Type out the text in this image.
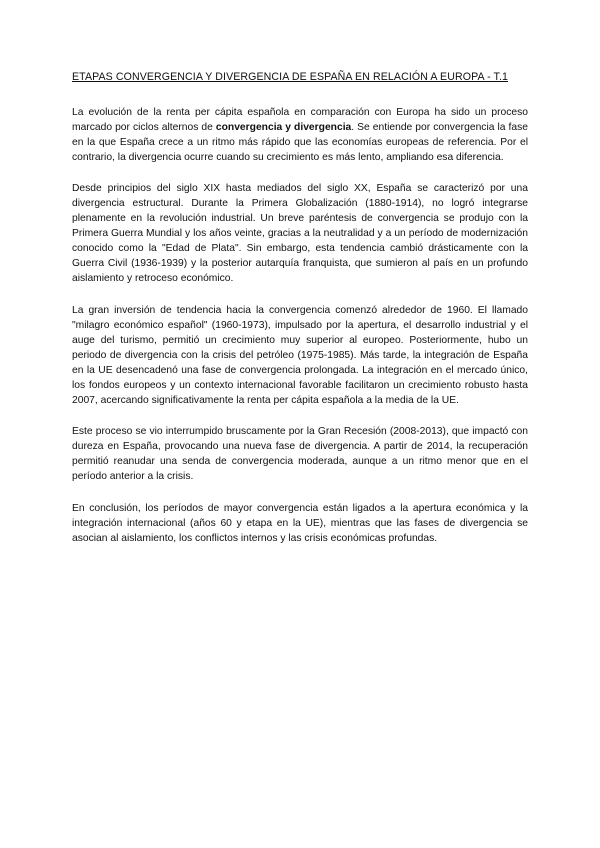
ETAPAS CONVERGENCIA Y DIVERGENCIA DE ESPAÑA EN RELACIÓN A EUROPA - T.1

La evolución de la renta per cápita española en comparación con Europa ha sido un proceso marcado por ciclos alternos de convergencia y divergencia. Se entiende por convergencia la fase en la que España crece a un ritmo más rápido que las economías europeas de referencia. Por el contrario, la divergencia ocurre cuando su crecimiento es más lento, ampliando esa diferencia.

Desde principios del siglo XIX hasta mediados del siglo XX, España se caracterizó por una divergencia estructural. Durante la Primera Globalización (1880-1914), no logró integrarse plenamente en la revolución industrial. Un breve paréntesis de convergencia se produjo con la Primera Guerra Mundial y los años veinte, gracias a la neutralidad y a un período de modernización conocido como la "Edad de Plata". Sin embargo, esta tendencia cambió drásticamente con la Guerra Civil (1936-1939) y la posterior autarquía franquista, que sumieron al país en un profundo aislamiento y retroceso económico.

La gran inversión de tendencia hacia la convergencia comenzó alrededor de 1960. El llamado "milagro económico español" (1960-1973), impulsado por la apertura, el desarrollo industrial y el auge del turismo, permitió un crecimiento muy superior al europeo. Posteriormente, hubo un periodo de divergencia con la crisis del petróleo (1975-1985). Más tarde, la integración de España en la UE desencadenó una fase de convergencia prolongada. La integración en el mercado único, los fondos europeos y un contexto internacional favorable facilitaron un crecimiento robusto hasta 2007, acercando significativamente la renta per cápita española a la media de la UE.

Este proceso se vio interrumpido bruscamente por la Gran Recesión (2008-2013), que impactó con dureza en España, provocando una nueva fase de divergencia. A partir de 2014, la recuperación permitió reanudar una senda de convergencia moderada, aunque a un ritmo menor que en el período anterior a la crisis.

En conclusión, los períodos de mayor convergencia están ligados a la apertura económica y la integración internacional (años 60 y etapa en la UE), mientras que las fases de divergencia se asocian al aislamiento, los conflictos internos y las crisis económicas profundas.
